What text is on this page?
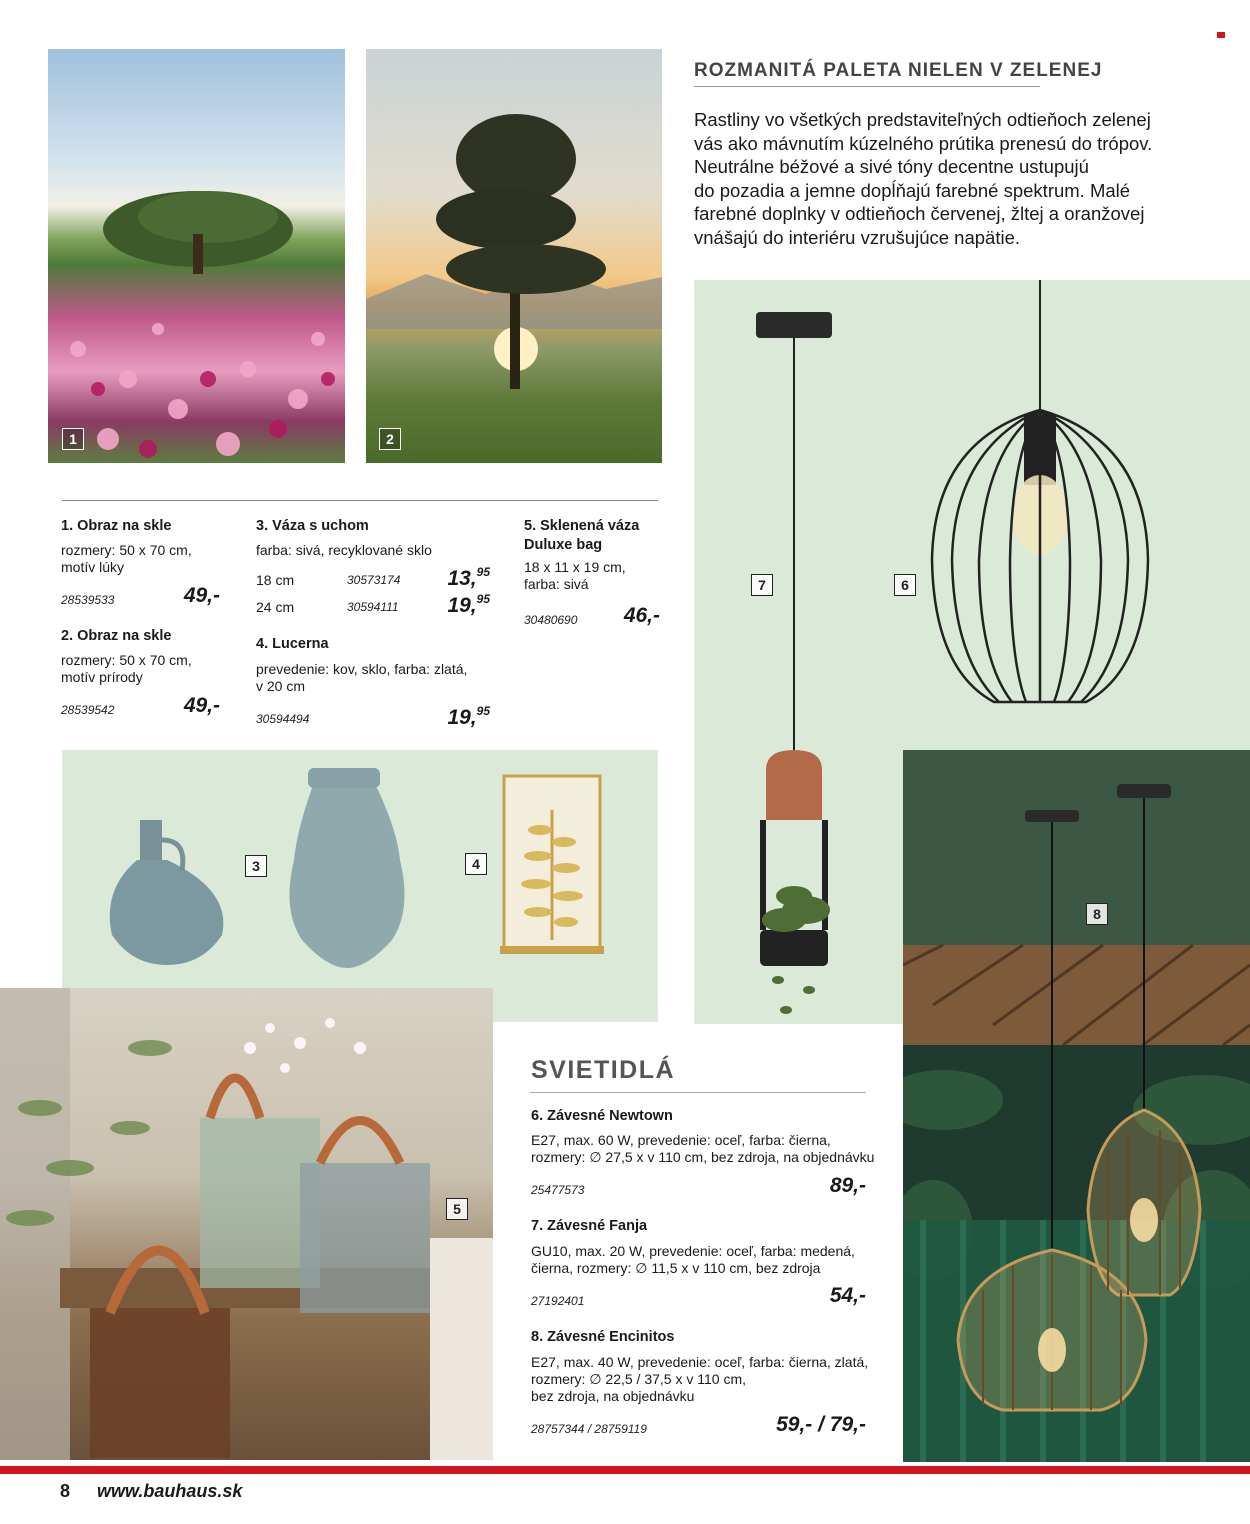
1	2
ROZMANITÁ PALETA NIELEN V ZELENEJ
Rastliny vo všetkých predstaviteľných odtieňoch zelenej
vás ako mávnutím kúzelného prútika prenesú do trópov.
Neutrálne béžové a sivé tóny decentne ustupujú
do pozadia a jemne dopĺňajú farebné spektrum. Malé
farebné doplnky v odtieňoch červenej, žltej a oranžovej
vnášajú do interiéru vzrušujúce napätie.
1. Obraz na skle
rozmery: 50 x 70 cm,
motív lúky
28539533	49,-
2. Obraz na skle
rozmery: 50 x 70 cm,
motív prírody
28539542	49,-
3. Váza s uchom
farba: sivá, recyklované sklo
18 cm	30573174	13,95
24 cm	30594111	19,95
4. Lucerna
prevedenie: kov, sklo, farba: zlatá,
v 20 cm
30594494	19,95
5. Sklenená váza
Duluxe bag
18 x 11 x 19 cm,
farba: sivá
30480690	46,-
3	4
5
7	6
8
SVIETIDLÁ
6. Závesné Newtown
E27, max. 60 W, prevedenie: oceľ, farba: čierna,
rozmery: ∅ 27,5 x v 110 cm, bez zdroja, na objednávku
25477573	89,-
7. Závesné Fanja
GU10, max. 20 W, prevedenie: oceľ, farba: medená,
čierna, rozmery: ∅ 11,5 x v 110 cm, bez zdroja
27192401	54,-
8. Závesné Encinitos
E27, max. 40 W, prevedenie: oceľ, farba: čierna, zlatá,
rozmery: ∅ 22,5 / 37,5 x v 110 cm,
bez zdroja, na objednávku
28757344 / 28759119	59,- / 79,-
8 www.bauhaus.sk
